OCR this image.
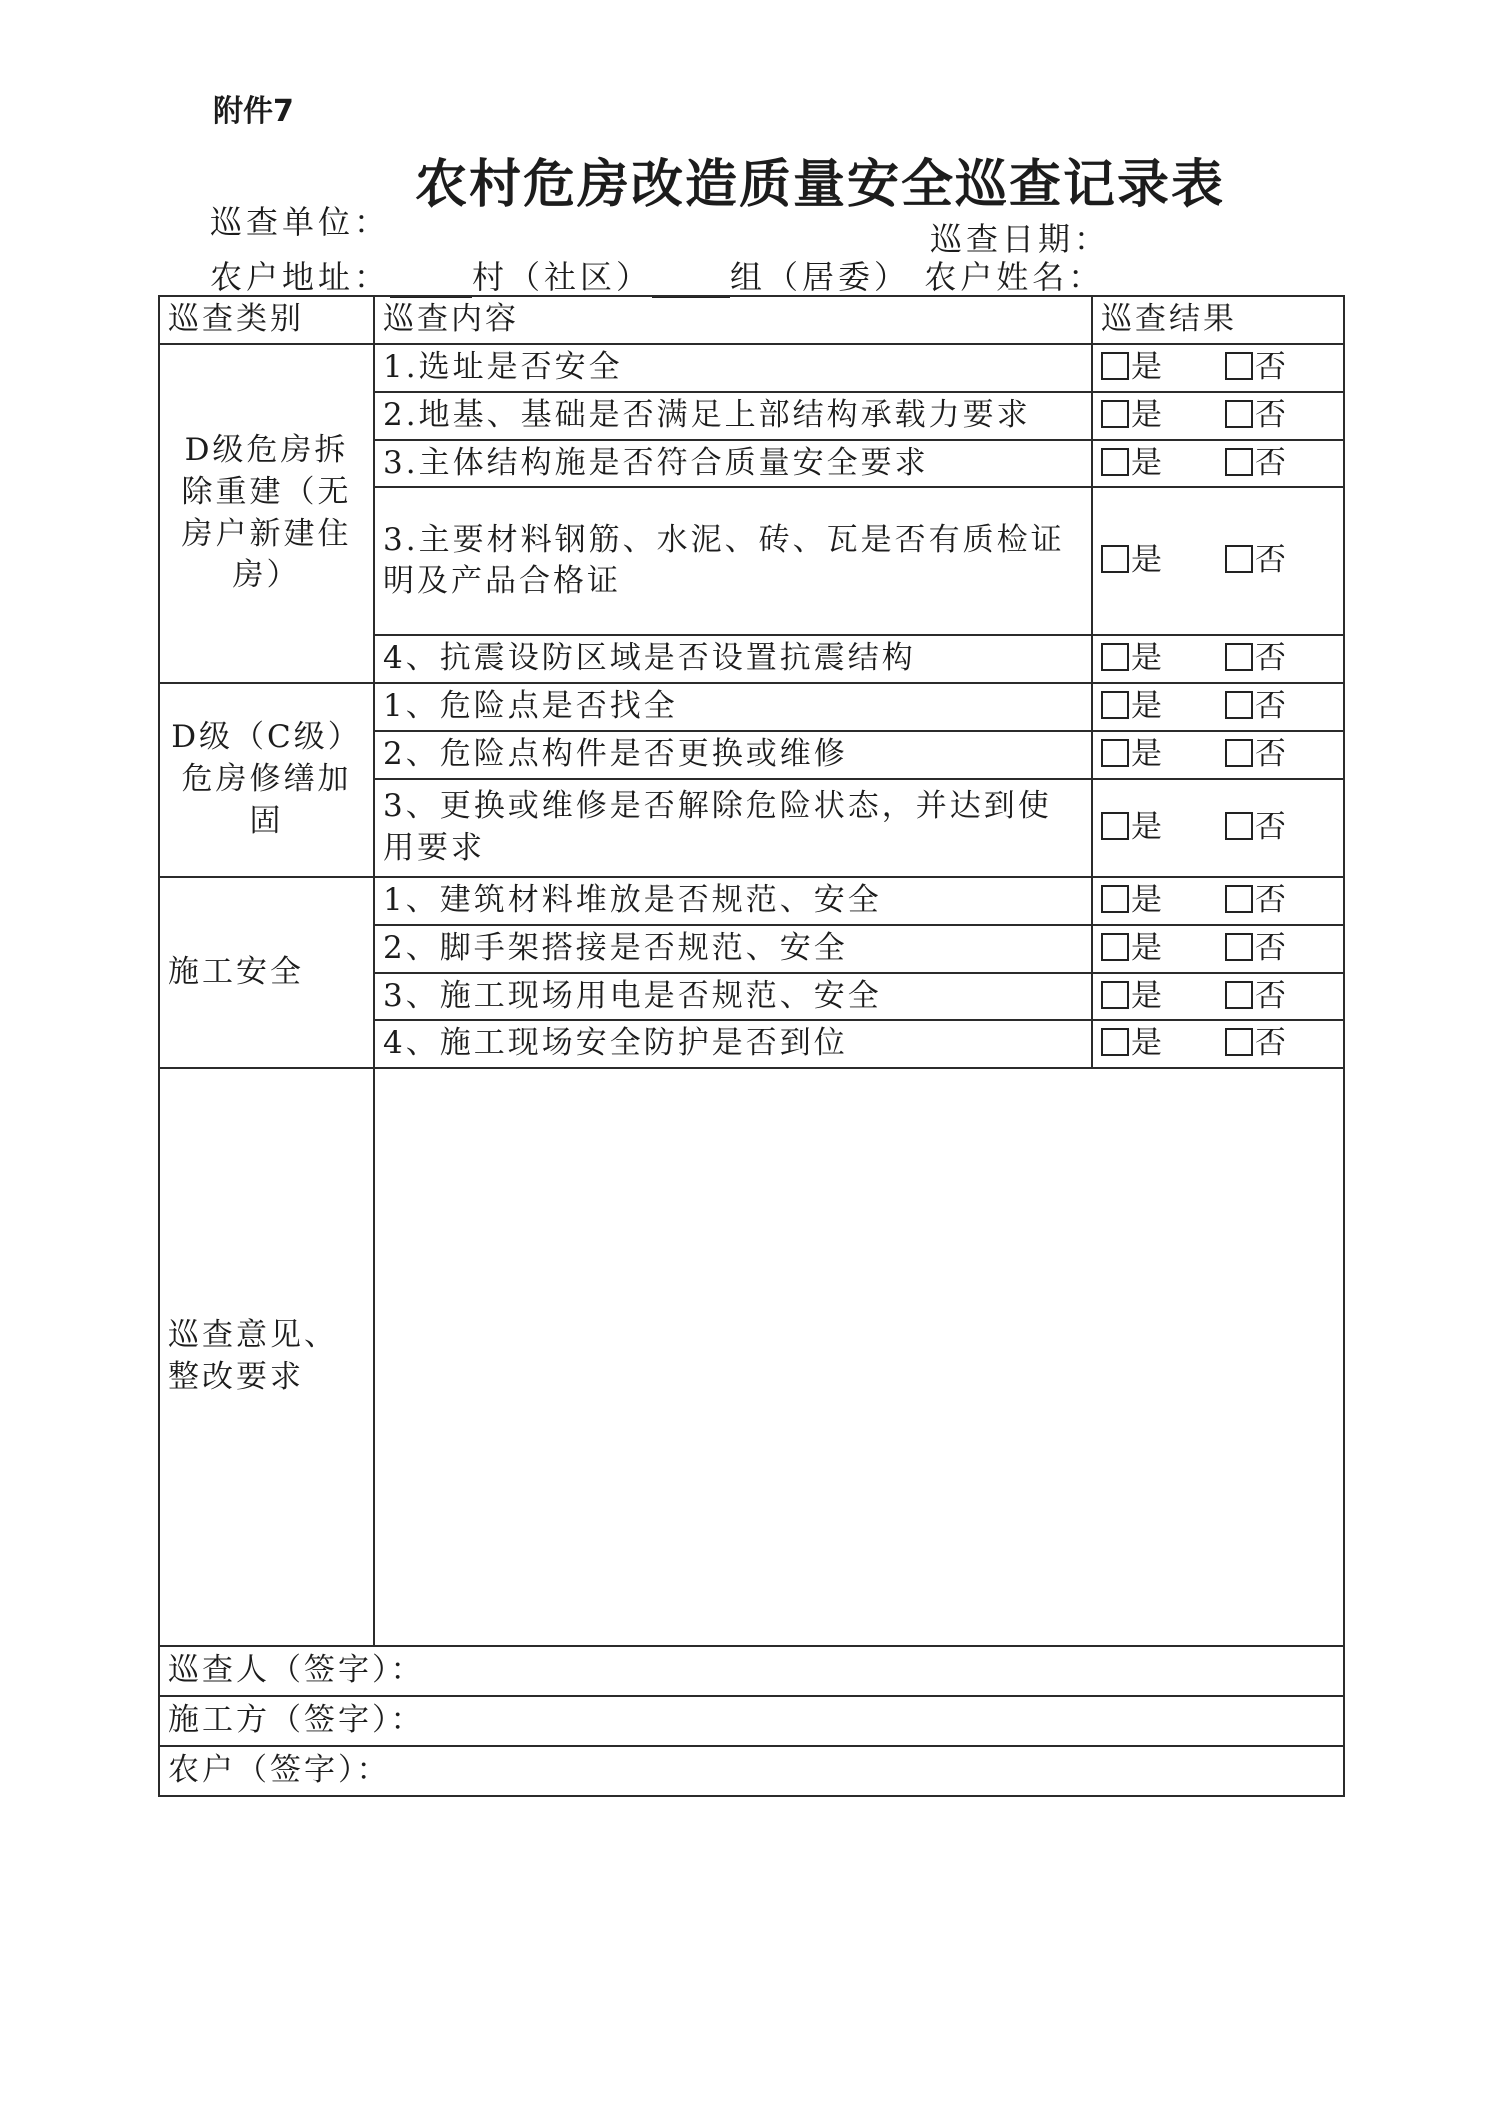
附件7
农村危房改造质量安全巡查记录表
巡查单位：	巡查日期：
农户地址：	村（社区） 组（居委） 农户姓名：
巡查类别	巡查内容	巡查结果
D级危房拆除重建（无房户新建住房）	1.选址是否安全	是 否
	2.地基、基础是否满足上部结构承载力要求	是 否
	3.主体结构施是否符合质量安全要求	是 否
	3.主要材料钢筋、水泥、砖、瓦是否有质检证明及产品合格证	是 否
	4、抗震设防区域是否设置抗震结构	是 否
D级（C级）危房修缮加固	1、危险点是否找全	是 否
	2、危险点构件是否更换或维修	是 否
	3、更换或维修是否解除危险状态，并达到使用要求	是 否
施工安全	1、建筑材料堆放是否规范、安全	是 否
	2、脚手架搭接是否规范、安全	是 否
	3、施工现场用电是否规范、安全	是 否
	4、施工现场安全防护是否到位	是 否
巡查意见、整改要求		
巡查人（签字）：		
施工方（签字）：		
农户（签字）：		
